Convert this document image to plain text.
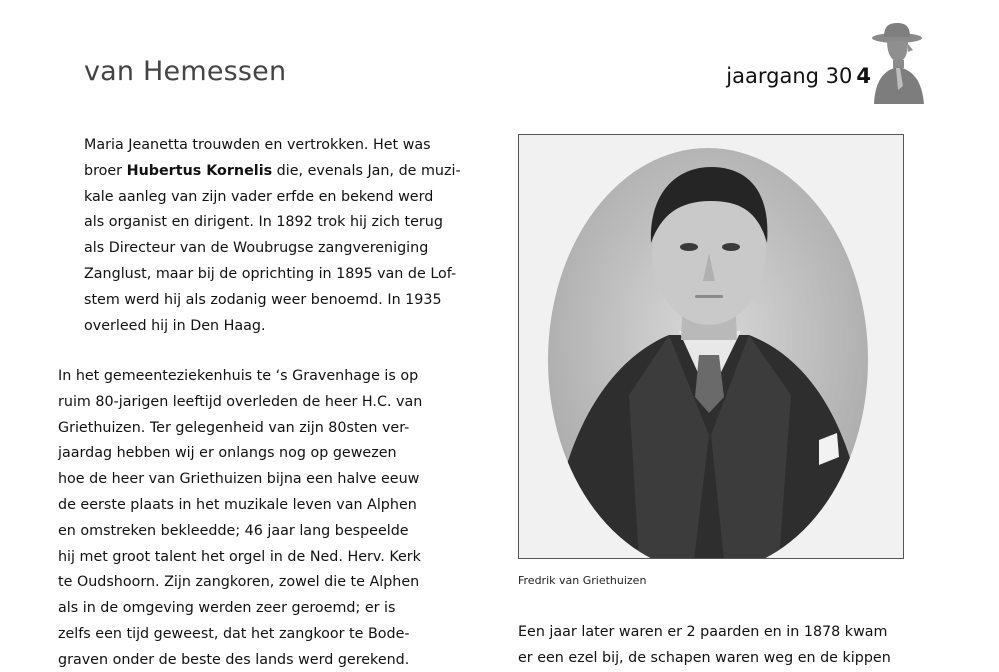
van Hemessen	jaargang 30 4
Maria Jeanetta trouwden en vertrokken. Het was
broer Hubertus Kornelis die, evenals Jan, de muzi-
kale aanleg van zijn vader erfde en bekend werd
als organist en dirigent. In 1892 trok hij zich terug
als Directeur van de Woubrugse zangvereniging
Zanglust, maar bij de oprichting in 1895 van de Lof-
stem werd hij als zodanig weer benoemd. In 1935
overleed hij in Den Haag.
In het gemeenteziekenhuis te ‘s Gravenhage is op
ruim 80-jarigen leeftijd overleden de heer H.C. van
Griethuizen. Ter gelegenheid van zijn 80sten ver-
jaardag hebben wij er onlangs nog op gewezen
hoe de heer van Griethuizen bijna een halve eeuw
de eerste plaats in het muzikale leven van Alphen
en omstreken bekleedde; 46 jaar lang bespeelde
hij met groot talent het orgel in de Ned. Herv. Kerk
te Oudshoorn. Zijn zangkoren, zowel die te Alphen
als in de omgeving werden zeer geroemd; er is
zelfs een tijd geweest, dat het zangkoor te Bode-
graven onder de beste des lands werd gerekend.
Fredrik van Griethuizen
Een jaar later waren er 2 paarden en in 1878 kwam
er een ezel bij, de schapen waren weg en de kippen
